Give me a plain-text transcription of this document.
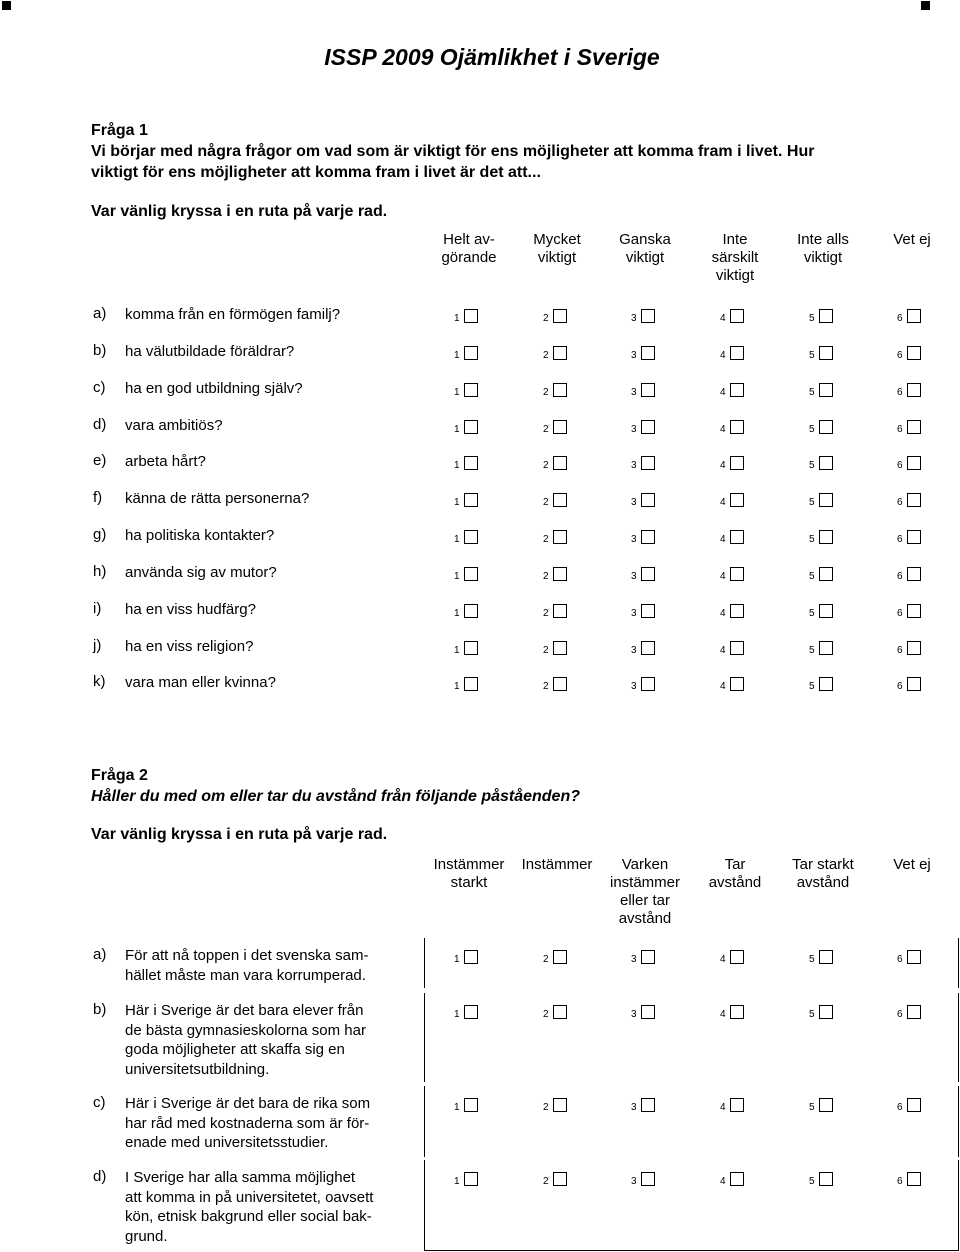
ISSP 2009 Ojämlikhet i Sverige
Fråga 1
Vi börjar med några frågor om vad som är viktigt för ens möjligheter att komma fram i livet. Hur
viktigt för ens möjligheter att komma fram i livet är det att...
Var vänlig kryssa i en ruta på varje rad.
Helt av-
görande
Mycket
viktigt
Ganska
viktigt
Inte
särskilt
viktigt
Inte alls
viktigt
Vet ej
a) komma från en förmögen familj?	1	2	3	4	5	6
b) ha välutbildade föräldrar?	1	2	3	4	5	6
c) ha en god utbildning själv?	1	2	3	4	5	6
d) vara ambitiös?	1	2	3	4	5	6
e) arbeta hårt?	1	2	3	4	5	6
f) känna de rätta personerna?	1	2	3	4	5	6
g) ha politiska kontakter?	1	2	3	4	5	6
h) använda sig av mutor?	1	2	3	4	5	6
i) ha en viss hudfärg?	1	2	3	4	5	6
j) ha en viss religion?	1	2	3	4	5	6
k) vara man eller kvinna?	1	2	3	4	5	6
Fråga 2
Håller du med om eller tar du avstånd från följande påståenden?
Var vänlig kryssa i en ruta på varje rad.
Instämmer
starkt
Instämmer	Varken
instämmer
eller tar
avstånd
Tar
avstånd
Tar starkt
avstånd
Vet ej
a) För att nå toppen i det svenska sam-
hället måste man vara korrumperad.
1	2	3	4	5	6
b) Här i Sverige är det bara elever från
de bästa gymnasieskolorna som har
goda möjligheter att skaffa sig en
universitetsutbildning.
1	2	3	4	5	6
c) Här i Sverige är det bara de rika som
har råd med kostnaderna som är för-
enade med universitetsstudier.
1	2	3	4	5	6
d) I Sverige har alla samma möjlighet
att komma in på universitetet, oavsett
kön, etnisk bakgrund eller social bak-
grund.
1	2	3	4	5	6
